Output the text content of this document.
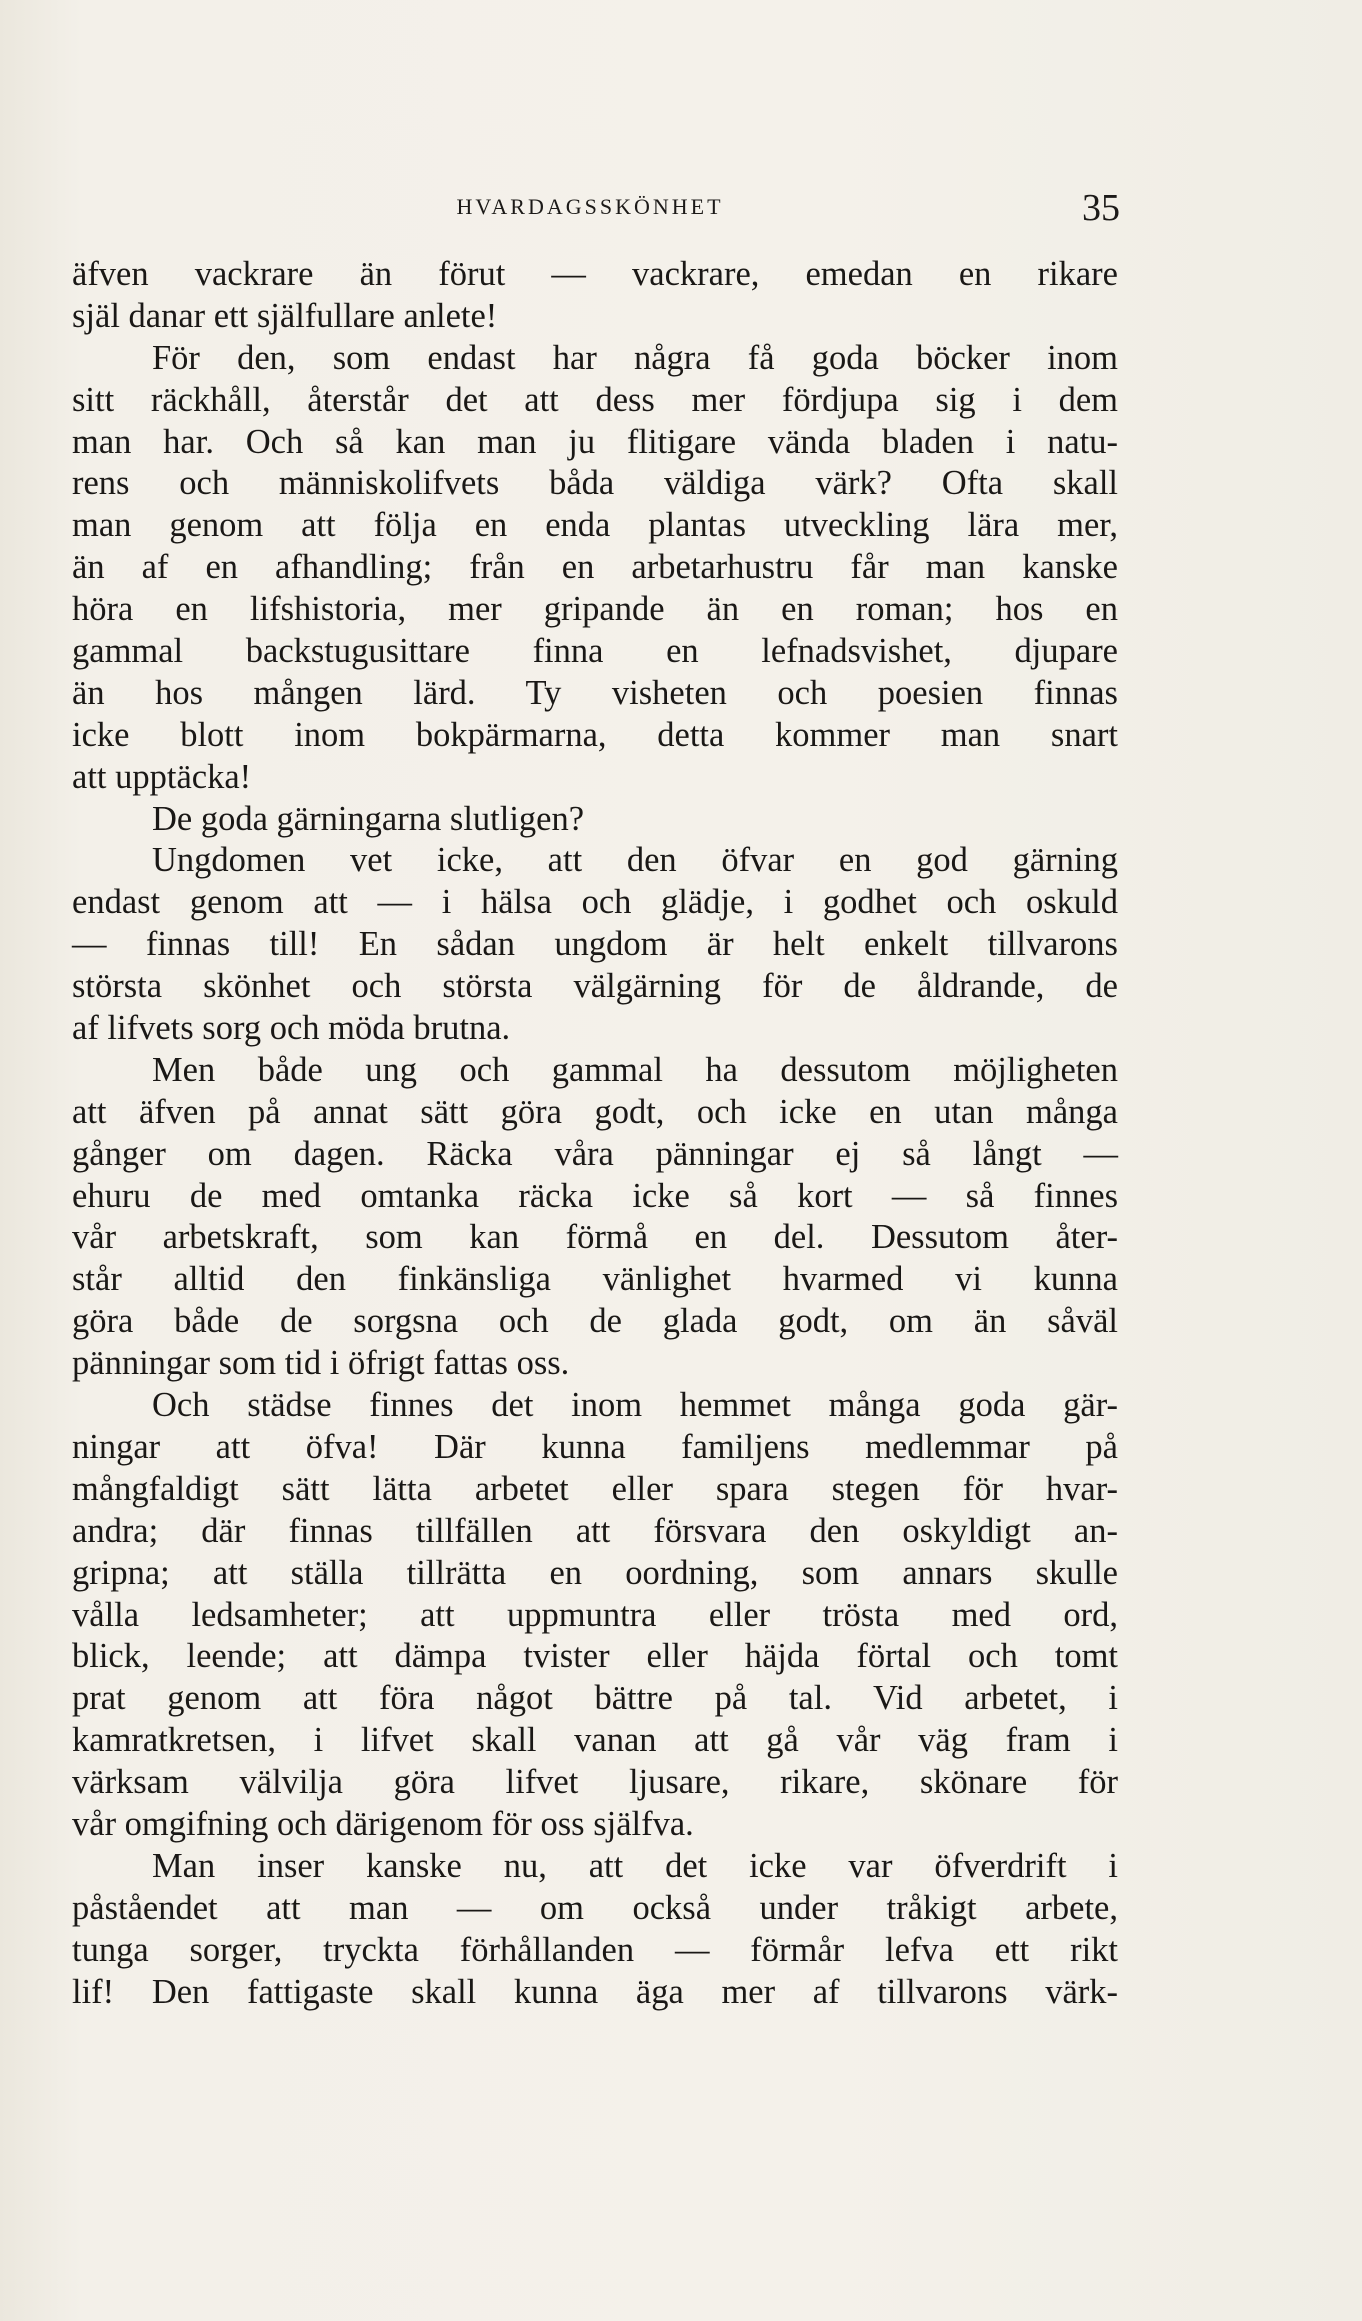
HVARDAGSSKÖNHET	35
äfven vackrare än förut — vackrare, emedan en rikare
själ danar ett själfullare anlete!
För den, som endast har några få goda böcker inom
sitt räckhåll, återstår det att dess mer fördjupa sig i dem
man har. Och så kan man ju flitigare vända bladen i natu-
rens och människolifvets båda väldiga värk? Ofta skall
man genom att följa en enda plantas utveckling lära mer,
än af en afhandling; från en arbetarhustru får man kanske
höra en lifshistoria, mer gripande än en roman; hos en
gammal backstugusittare finna en lefnadsvishet, djupare
än hos mången lärd. Ty visheten och poesien finnas
icke blott inom bokpärmarna, detta kommer man snart
att upptäcka!
De goda gärningarna slutligen?
Ungdomen vet icke, att den öfvar en god gärning
endast genom att — i hälsa och glädje, i godhet och oskuld
— finnas till! En sådan ungdom är helt enkelt tillvarons
största skönhet och största välgärning för de åldrande, de
af lifvets sorg och möda brutna.
Men både ung och gammal ha dessutom möjligheten
att äfven på annat sätt göra godt, och icke en utan många
gånger om dagen. Räcka våra pänningar ej så långt —
ehuru de med omtanka räcka icke så kort — så finnes
vår arbetskraft, som kan förmå en del. Dessutom åter-
står alltid den finkänsliga vänlighet hvarmed vi kunna
göra både de sorgsna och de glada godt, om än såväl
pänningar som tid i öfrigt fattas oss.
Och städse finnes det inom hemmet många goda gär-
ningar att öfva! Där kunna familjens medlemmar på
mångfaldigt sätt lätta arbetet eller spara stegen för hvar-
andra; där finnas tillfällen att försvara den oskyldigt an-
gripna; att ställa tillrätta en oordning, som annars skulle
vålla ledsamheter; att uppmuntra eller trösta med ord,
blick, leende; att dämpa tvister eller häjda förtal och tomt
prat genom att föra något bättre på tal. Vid arbetet, i
kamratkretsen, i lifvet skall vanan att gå vår väg fram i
värksam välvilja göra lifvet ljusare, rikare, skönare för
vår omgifning och därigenom för oss själfva.
Man inser kanske nu, att det icke var öfverdrift i
påståendet att man — om också under tråkigt arbete,
tunga sorger, tryckta förhållanden — förmår lefva ett rikt
lif! Den fattigaste skall kunna äga mer af tillvarons värk-
